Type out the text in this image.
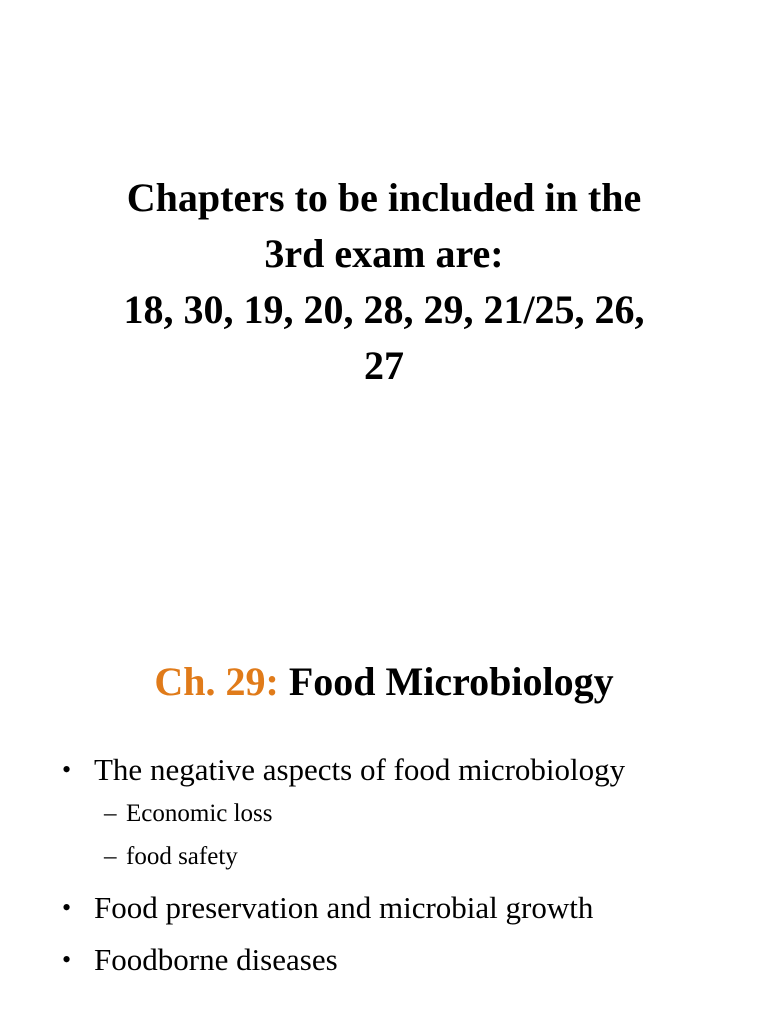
Chapters to be included in the
3rd exam are:
18, 30, 19, 20, 28, 29, 21/25, 26,
27
Ch. 29: Food Microbiology
• The negative aspects of food microbiology
– Economic loss
– food safety
• Food preservation and microbial growth
• Foodborne diseases
